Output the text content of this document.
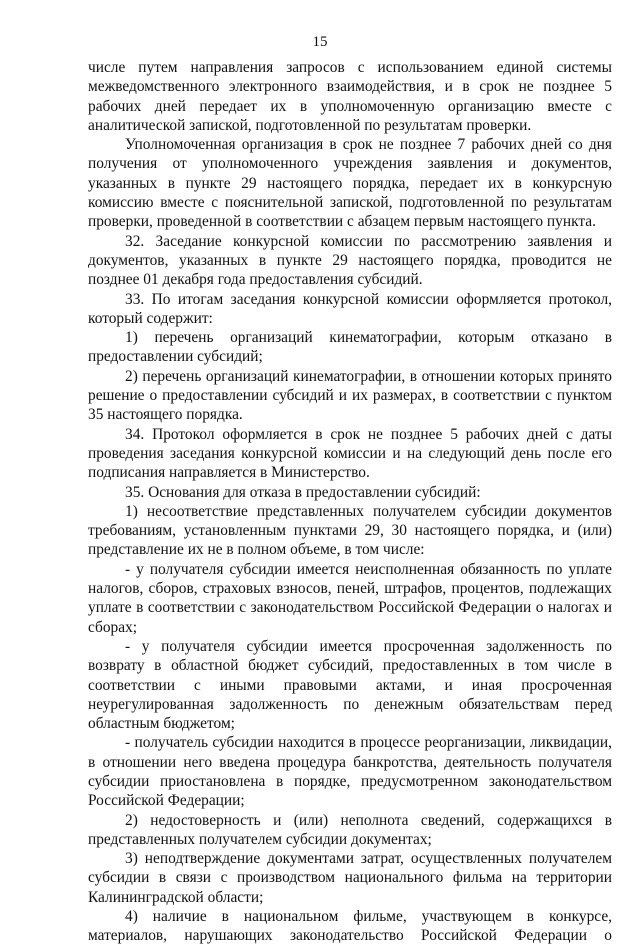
15

числе путем направления запросов с использованием единой системы межведомственного электронного взаимодействия, и в срок не позднее 5 рабочих дней передает их в уполномоченную организацию вместе с аналитической запиской, подготовленной по результатам проверки.

Уполномоченная организация в срок не позднее 7 рабочих дней со дня получения от уполномоченного учреждения заявления и документов, указанных в пункте 29 настоящего порядка, передает их в конкурсную комиссию вместе с пояснительной запиской, подготовленной по результатам проверки, проведенной в соответствии с абзацем первым настоящего пункта.

32. Заседание конкурсной комиссии по рассмотрению заявления и документов, указанных в пункте 29 настоящего порядка, проводится не позднее 01 декабря года предоставления субсидий.

33. По итогам заседания конкурсной комиссии оформляется протокол, который содержит:

1) перечень организаций кинематографии, которым отказано в предоставлении субсидий;

2) перечень организаций кинематографии, в отношении которых принято решение о предоставлении субсидий и их размерах, в соответствии с пунктом 35 настоящего порядка.

34. Протокол оформляется в срок не позднее 5 рабочих дней с даты проведения заседания конкурсной комиссии и на следующий день после его подписания направляется в Министерство.

35. Основания для отказа в предоставлении субсидий:

1) несоответствие представленных получателем субсидии документов требованиям, установленным пунктами 29, 30 настоящего порядка, и (или) представление их не в полном объеме, в том числе:

- у получателя субсидии имеется неисполненная обязанность по уплате налогов, сборов, страховых взносов, пеней, штрафов, процентов, подлежащих уплате в соответствии с законодательством Российской Федерации о налогах и сборах;

- у получателя субсидии имеется просроченная задолженность по возврату в областной бюджет субсидий, предоставленных в том числе в соответствии с иными правовыми актами, и иная просроченная неурегулированная задолженность по денежным обязательствам перед областным бюджетом;

- получатель субсидии находится в процессе реорганизации, ликвидации, в отношении него введена процедура банкротства, деятельность получателя субсидии приостановлена в порядке, предусмотренном законодательством Российской Федерации;

2) недостоверность и (или) неполнота сведений, содержащихся в представленных получателем субсидии документах;

3) неподтверждение документами затрат, осуществленных получателем субсидии в связи с производством национального фильма на территории Калининградской области;

4) наличие в национальном фильме, участвующем в конкурсе, материалов, нарушающих законодательство Российской Федерации о
